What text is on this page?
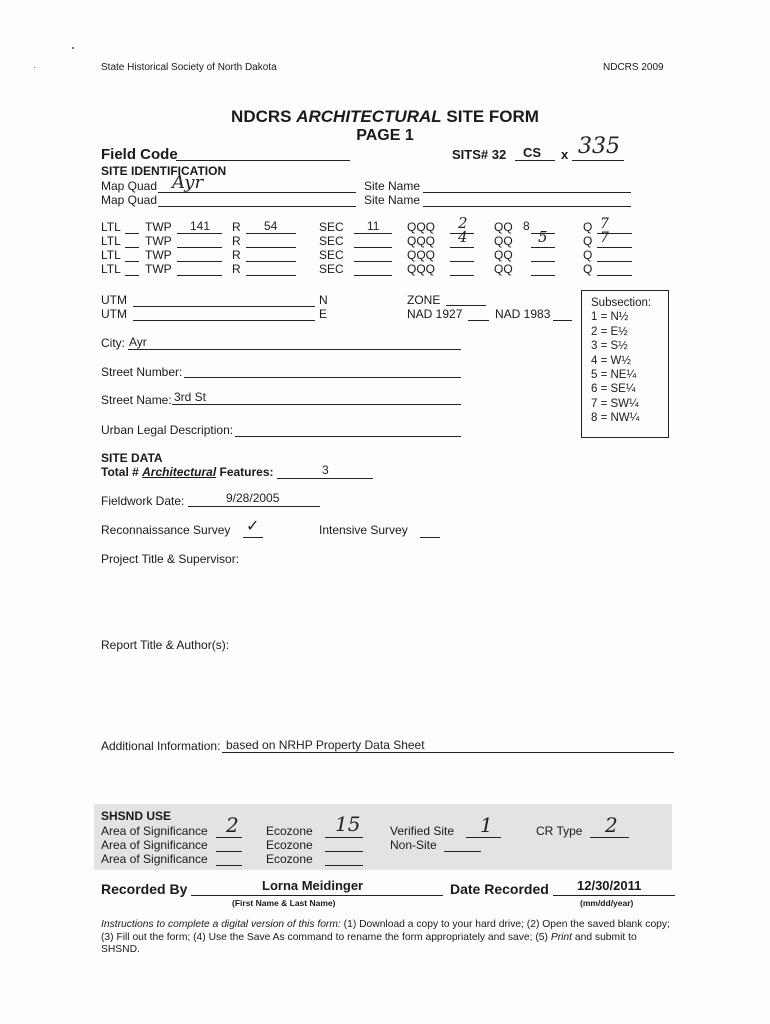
State Historical Society of North Dakota	NDCRS 2009
NDCRS ARCHITECTURAL SITE FORM
PAGE 1
Field Code	SITS# 32 CS x 335
SITE IDENTIFICATION
Map Quad Ayr
Map Quad
Site Name
Site Name
LTL TWP 141 R 54	SEC 11 QQQ 2 QQ 8	Q 7
LTL TWP	R	SEC	QQQ 4 QQ 5	Q 7
LTL TWP	R	SEC	QQQ	QQ	Q
LTL TWP	R	SEC	QQQ	QQ	Q
UTM	N
UTM	E
ZONE
NAD 1927	NAD 1983
Subsection:
1 = N½
2 = E½
3 = S½
4 = W½
5 = NE¼
6 = SE¼
7 = SW¼
8 = NW¼
City: Ayr
Street Number:
Street Name: 3rd St
Urban Legal Description:
SITE DATA
Total # Architectural Features:	3
Fieldwork Date:	9/28/2005
Reconnaissance Survey ✓	Intensive Survey
Project Title & Supervisor:
Report Title & Author(s):
Additional Information: based on NRHP Property Data Sheet
SHSND USE
Area of Significance 2
Area of Significance
Area of Significance
Ecozone 15
Ecozone
Ecozone
Verified Site 1
Non-Site
CR Type 2
Recorded By	Lorna Meidinger
(First Name & Last Name)
Date Recorded 12/30/2011
(mm/dd/year)
Instructions to complete a digital version of this form: (1) Download a copy to your hard drive; (2) Open the saved blank copy; (3) Fill out the form; (4) Use the Save As command to rename the form appropriately and save; (5) Print and submit to SHSND.
